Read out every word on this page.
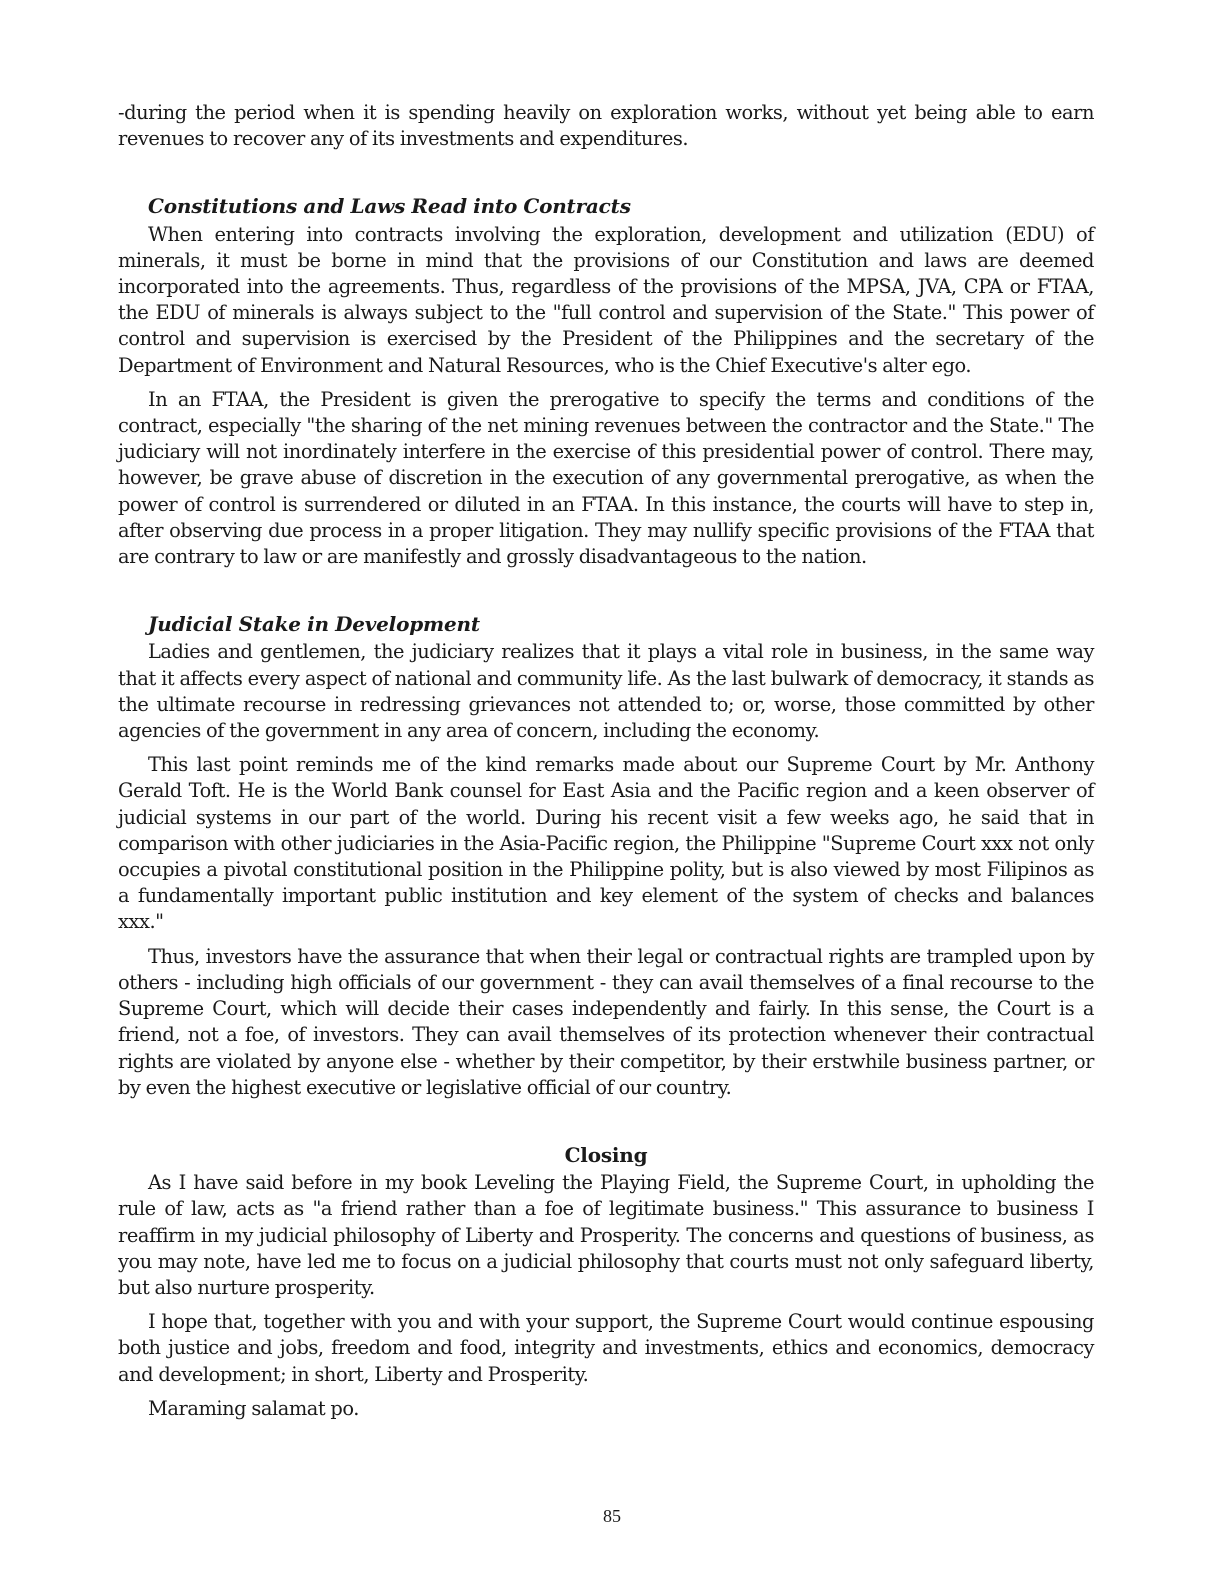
-during the period when it is spending heavily on exploration works, without yet being able to earn revenues to recover any of its investments and expenditures.

Constitutions and Laws Read into Contracts

When entering into contracts involving the exploration, development and utilization (EDU) of minerals, it must be borne in mind that the provisions of our Constitution and laws are deemed incorporated into the agreements. Thus, regardless of the provisions of the MPSA, JVA, CPA or FTAA, the EDU of minerals is always subject to the "full control and supervision of the State." This power of control and supervision is exercised by the President of the Philippines and the secretary of the Department of Environment and Natural Resources, who is the Chief Executive's alter ego.

In an FTAA, the President is given the prerogative to specify the terms and conditions of the contract, especially "the sharing of the net mining revenues between the contractor and the State." The judiciary will not inordinately interfere in the exercise of this presidential power of control. There may, however, be grave abuse of discretion in the execution of any governmental prerogative, as when the power of control is surrendered or diluted in an FTAA. In this instance, the courts will have to step in, after observing due process in a proper litigation. They may nullify specific provisions of the FTAA that are contrary to law or are manifestly and grossly disadvantageous to the nation.

Judicial Stake in Development

Ladies and gentlemen, the judiciary realizes that it plays a vital role in business, in the same way that it affects every aspect of national and community life. As the last bulwark of democracy, it stands as the ultimate recourse in redressing grievances not attended to; or, worse, those committed by other agencies of the government in any area of concern, including the economy.

This last point reminds me of the kind remarks made about our Supreme Court by Mr. Anthony Gerald Toft. He is the World Bank counsel for East Asia and the Pacific region and a keen observer of judicial systems in our part of the world. During his recent visit a few weeks ago, he said that in comparison with other judiciaries in the Asia-Pacific region, the Philippine "Supreme Court xxx not only occupies a pivotal constitutional position in the Philippine polity, but is also viewed by most Filipinos as a fundamentally important public institution and key element of the system of checks and balances xxx."

Thus, investors have the assurance that when their legal or contractual rights are trampled upon by others - including high officials of our government - they can avail themselves of a final recourse to the Supreme Court, which will decide their cases independently and fairly. In this sense, the Court is a friend, not a foe, of investors. They can avail themselves of its protection whenever their contractual rights are violated by anyone else - whether by their competitor, by their erstwhile business partner, or by even the highest executive or legislative official of our country.

Closing

As I have said before in my book Leveling the Playing Field, the Supreme Court, in upholding the rule of law, acts as "a friend rather than a foe of legitimate business." This assurance to business I reaffirm in my judicial philosophy of Liberty and Prosperity. The concerns and questions of business, as you may note, have led me to focus on a judicial philosophy that courts must not only safeguard liberty, but also nurture prosperity.

I hope that, together with you and with your support, the Supreme Court would continue espousing both justice and jobs, freedom and food, integrity and investments, ethics and economics, democracy and development; in short, Liberty and Prosperity.

Maraming salamat po.

85
